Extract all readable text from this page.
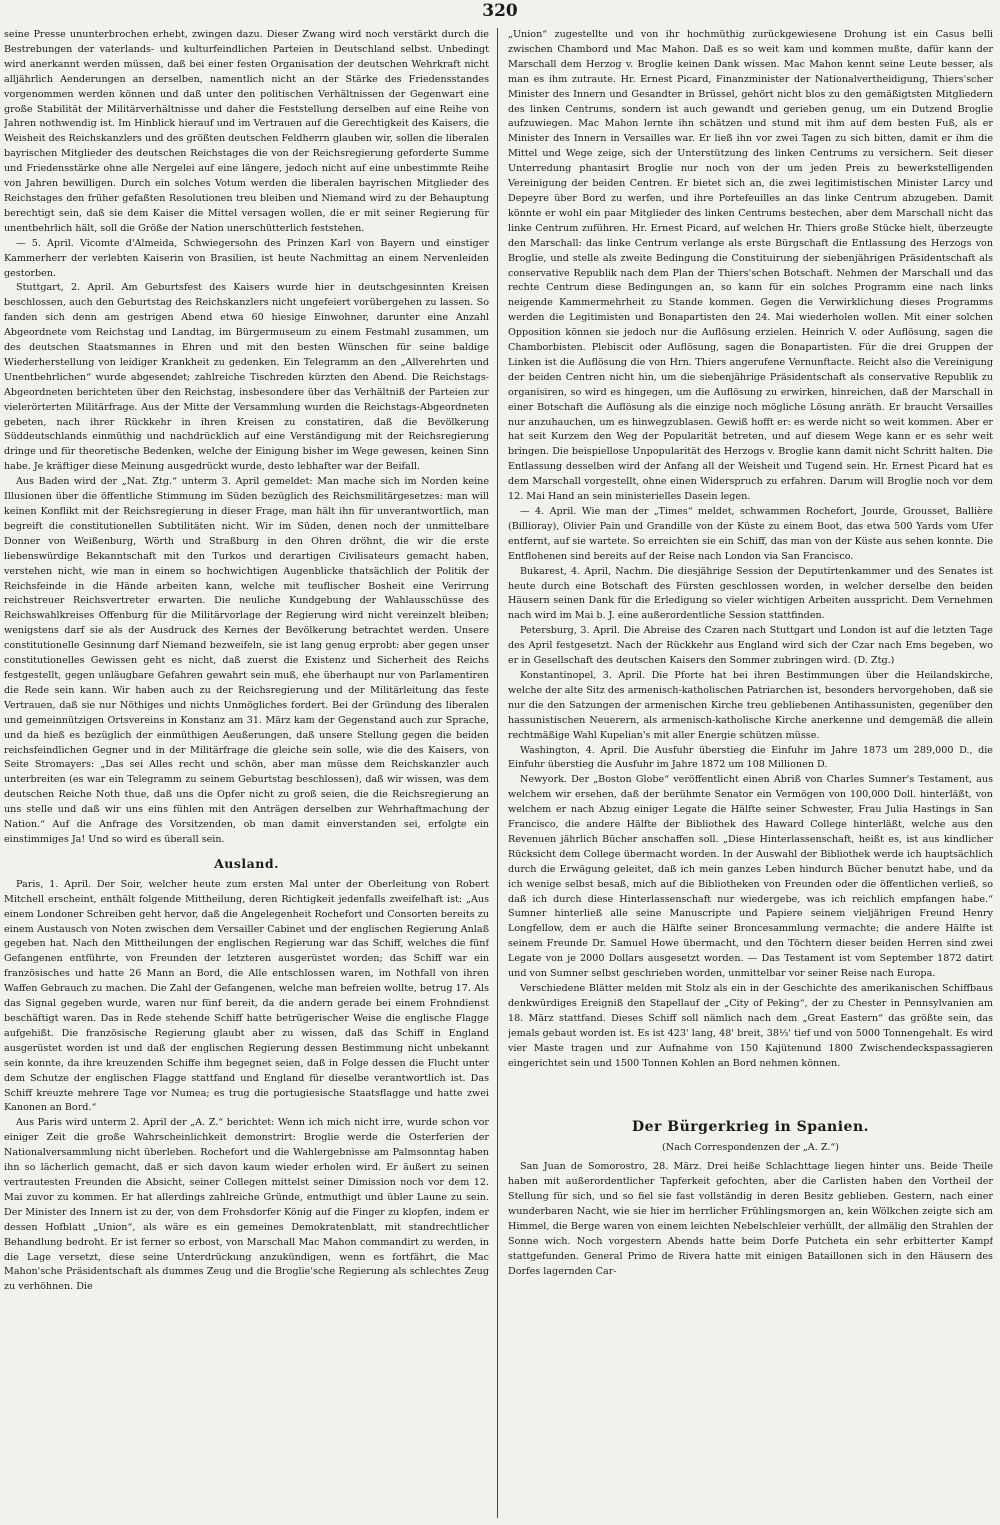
320

seine Presse ununterbrochen erhebt, zwingen dazu. Dieser Zwang wird noch verstärkt durch die Bestrebungen der vaterlands- und kulturfeindlichen Parteien in Deutschland selbst. Unbedingt wird anerkannt werden müssen, daß bei einer festen Organisation der deutschen Wehrkraft nicht alljährlich Aenderungen an derselben, namentlich nicht an der Stärke des Friedensstandes vorgenommen werden können und daß unter den politischen Verhältnissen der Gegenwart eine große Stabilität der Militärverhältnisse und daher die Feststellung derselben auf eine Reihe von Jahren nothwendig ist. Im Hinblick hierauf und im Vertrauen auf die Gerechtigkeit des Kaisers, die Weisheit des Reichskanzlers und des größten deutschen Feldherrn glauben wir, sollen die liberalen bayrischen Mitglieder des deutschen Reichstages die von der Reichsregierung geforderte Summe und Friedensstärke ohne alle Nergelei auf eine längere, jedoch nicht auf eine unbestimmte Reihe von Jahren bewilligen. Durch ein solches Votum werden die liberalen bayrischen Mitglieder des Reichstages den früher gefaßten Resolutionen treu bleiben und Niemand wird zu der Behauptung berechtigt sein, daß sie dem Kaiser die Mittel versagen wollen, die er mit seiner Regierung für unentbehrlich hält, soll die Größe der Nation unerschütterlich feststehen.

— 5. April. Vicomte d'Almeida, Schwiegersohn des Prinzen Karl von Bayern und einstiger Kammerherr der verlebten Kaiserin von Brasilien, ist heute Nachmittag an einem Nervenleiden gestorben.

Stuttgart, 2. April. Am Geburtsfest des Kaisers wurde hier in deutschgesinnten Kreisen beschlossen, auch den Geburtstag des Reichskanzlers nicht ungefeiert vorübergehen zu lassen. So fanden sich denn am gestrigen Abend etwa 60 hiesige Einwohner, darunter eine Anzahl Abgeordnete vom Reichstag und Landtag, im Bürgermuseum zu einem Festmahl zusammen, um des deutschen Staatsmannes in Ehren und mit den besten Wünschen für seine baldige Wiederherstellung von leidiger Krankheit zu gedenken. Ein Telegramm an den „Allverehrten und Unentbehrlichen“ wurde abgesendet; zahlreiche Tischreden kürzten den Abend. Die Reichstags-Abgeordneten berichteten über den Reichstag, insbesondere über das Verhältniß der Parteien zur vielerörterten Militärfrage. Aus der Mitte der Versammlung wurden die Reichstags-Abgeordneten gebeten, nach ihrer Rückkehr in ihren Kreisen zu constatiren, daß die Bevölkerung Süddeutschlands einmüthig und nachdrücklich auf eine Verständigung mit der Reichsregierung dringe und für theoretische Bedenken, welche der Einigung bisher im Wege gewesen, keinen Sinn habe. Je kräftiger diese Meinung ausgedrückt wurde, desto lebhafter war der Beifall.

Aus Baden wird der „Nat. Ztg.“ unterm 3. April gemeldet: Man mache sich im Norden keine Illusionen über die öffentliche Stimmung im Süden bezüglich des Reichsmilitärgesetzes: man will keinen Konflikt mit der Reichsregierung in dieser Frage, man hält ihn für unverantwortlich, man begreift die constitutionellen Subtilitäten nicht. Wir im Süden, denen noch der unmittelbare Donner von Weißenburg, Wörth und Straßburg in den Ohren dröhnt, die wir die erste liebenswürdige Bekanntschaft mit den Turkos und derartigen Civilisateurs gemacht haben, verstehen nicht, wie man in einem so hochwichtigen Augenblicke thatsächlich der Politik der Reichsfeinde in die Hände arbeiten kann, welche mit teuflischer Bosheit eine Verirrung reichstreuer Reichsvertreter erwarten. Die neuliche Kundgebung der Wahlausschüsse des Reichswahlkreises Offenburg für die Militärvorlage der Regierung wird nicht vereinzelt bleiben; wenigstens darf sie als der Ausdruck des Kernes der Bevölkerung betrachtet werden. Unsere constitutionelle Gesinnung darf Niemand bezweifeln, sie ist lang genug erprobt: aber gegen unser constitutionelles Gewissen geht es nicht, daß zuerst die Existenz und Sicherheit des Reichs festgestellt, gegen unläugbare Gefahren gewahrt sein muß, ehe überhaupt nur von Parlamentiren die Rede sein kann. Wir haben auch zu der Reichsregierung und der Militärleitung das feste Vertrauen, daß sie nur Nöthiges und nichts Unmögliches fordert. Bei der Gründung des liberalen und gemeinnützigen Ortsvereins in Konstanz am 31. März kam der Gegenstand auch zur Sprache, und da hieß es bezüglich der einmüthigen Aeußerungen, daß unsere Stellung gegen die beiden reichsfeindlichen Gegner und in der Militärfrage die gleiche sein solle, wie die des Kaisers, von Seite Stromayers: „Das sei Alles recht und schön, aber man müsse dem Reichskanzler auch unterbreiten (es war ein Telegramm zu seinem Geburtstag beschlossen), daß wir wissen, was dem deutschen Reiche Noth thue, daß uns die Opfer nicht zu groß seien, die die Reichsregierung an uns stelle und daß wir uns eins fühlen mit den Anträgen derselben zur Wehrhaftmachung der Nation.“ Auf die Anfrage des Vorsitzenden, ob man damit einverstanden sei, erfolgte ein einstimmiges Ja! Und so wird es überall sein.

Ausland.

Paris, 1. April. Der Soir, welcher heute zum ersten Mal unter der Oberleitung von Robert Mitchell erscheint, enthält folgende Mittheilung, deren Richtigkeit jedenfalls zweifelhaft ist: „Aus einem Londoner Schreiben geht hervor, daß die Angelegenheit Rochefort und Consorten bereits zu einem Austausch von Noten zwischen dem Versailler Cabinet und der englischen Regierung Anlaß gegeben hat. Nach den Mittheilungen der englischen Regierung war das Schiff, welches die fünf Gefangenen entführte, von Freunden der letzteren ausgerüstet worden; das Schiff war ein französisches und hatte 26 Mann an Bord, die Alle entschlossen waren, im Nothfall von ihren Waffen Gebrauch zu machen. Die Zahl der Gefangenen, welche man befreien wollte, betrug 17. Als das Signal gegeben wurde, waren nur fünf bereit, da die andern gerade bei einem Frohndienst beschäftigt waren. Das in Rede stehende Schiff hatte betrügerischer Weise die englische Flagge aufgehißt. Die französische Regierung glaubt aber zu wissen, daß das Schiff in England ausgerüstet worden ist und daß der englischen Regierung dessen Bestimmung nicht unbekannt sein konnte, da ihre kreuzenden Schiffe ihm begegnet seien, daß in Folge dessen die Flucht unter dem Schutze der englischen Flagge stattfand und England für dieselbe verantwortlich ist. Das Schiff kreuzte mehrere Tage vor Numea; es trug die portugiesische Staatsflagge und hatte zwei Kanonen an Bord.“

Aus Paris wird unterm 2. April der „A. Z.“ berichtet: Wenn ich mich nicht irre, wurde schon vor einiger Zeit die große Wahrscheinlichkeit demonstrirt: Broglie werde die Osterferien der Nationalversammlung nicht überleben. Rochefort und die Wahlergebnisse am Palmsonntag haben ihn so lächerlich gemacht, daß er sich davon kaum wieder erholen wird. Er äußert zu seinen vertrautesten Freunden die Absicht, seiner Collegen mittelst seiner Dimission noch vor dem 12. Mai zuvor zu kommen. Er hat allerdings zahlreiche Gründe, entmuthigt und übler Laune zu sein. Der Minister des Innern ist zu der, von dem Frohsdorfer König auf die Finger zu klopfen, indem er dessen Hofblatt „Union“, als wäre es ein gemeines Demokratenblatt, mit standrechtlicher Behandlung bedroht. Er ist ferner so erbost, von Marschall Mac Mahon commandirt zu werden, in die Lage versetzt, diese seine Unterdrückung anzukündigen, wenn es fortfährt, die Mac Mahon'sche Präsidentschaft als dummes Zeug und die Broglie'sche Regierung als schlechtes Zeug zu verhöhnen. Die

„Union“ zugestellte und von ihr hochmüthig zurückgewiesene Drohung ist ein Casus belli zwischen Chambord und Mac Mahon. Daß es so weit kam und kommen mußte, dafür kann der Marschall dem Herzog v. Broglie keinen Dank wissen. Mac Mahon kennt seine Leute besser, als man es ihm zutraute. Hr. Ernest Picard, Finanzminister der Nationalvertheidigung, Thiers'scher Minister des Innern und Gesandter in Brüssel, gehört nicht blos zu den gemäßigtsten Mitgliedern des linken Centrums, sondern ist auch gewandt und gerieben genug, um ein Dutzend Broglie aufzuwiegen. Mac Mahon lernte ihn schätzen und stund mit ihm auf dem besten Fuß, als er Minister des Innern in Versailles war. Er ließ ihn vor zwei Tagen zu sich bitten, damit er ihm die Mittel und Wege zeige, sich der Unterstützung des linken Centrums zu versichern. Seit dieser Unterredung phantasirt Broglie nur noch von der um jeden Preis zu bewerkstelligenden Vereinigung der beiden Centren. Er bietet sich an, die zwei legitimistischen Minister Larcy und Depeyre über Bord zu werfen, und ihre Portefeuilles an das linke Centrum abzugeben. Damit könnte er wohl ein paar Mitglieder des linken Centrums bestechen, aber dem Marschall nicht das linke Centrum zuführen. Hr. Ernest Picard, auf welchen Hr. Thiers große Stücke hielt, überzeugte den Marschall: das linke Centrum verlange als erste Bürgschaft die Entlassung des Herzogs von Broglie, und stelle als zweite Bedingung die Constituirung der siebenjährigen Präsidentschaft als conservative Republik nach dem Plan der Thiers'schen Botschaft. Nehmen der Marschall und das rechte Centrum diese Bedingungen an, so kann für ein solches Programm eine nach links neigende Kammermehrheit zu Stande kommen. Gegen die Verwirklichung dieses Programms werden die Legitimisten und Bonapartisten den 24. Mai wiederholen wollen. Mit einer solchen Opposition können sie jedoch nur die Auflösung erzielen. Heinrich V. oder Auflösung, sagen die Chamborbisten. Plebiscit oder Auflösung, sagen die Bonapartisten. Für die drei Gruppen der Linken ist die Auflösung die von Hrn. Thiers angerufene Vernunftacte. Reicht also die Vereinigung der beiden Centren nicht hin, um die siebenjährige Präsidentschaft als conservative Republik zu organisiren, so wird es hingegen, um die Auflösung zu erwirken, hinreichen, daß der Marschall in einer Botschaft die Auflösung als die einzige noch mögliche Lösung anräth. Er braucht Versailles nur anzuhauchen, um es hinwegzublasen. Gewiß hofft er: es werde nicht so weit kommen. Aber er hat seit Kurzem den Weg der Popularität betreten, und auf diesem Wege kann er es sehr weit bringen. Die beispiellose Unpopularität des Herzogs v. Broglie kann damit nicht Schritt halten. Die Entlassung desselben wird der Anfang all der Weisheit und Tugend sein. Hr. Ernest Picard hat es dem Marschall vorgestellt, ohne einen Widerspruch zu erfahren. Darum will Broglie noch vor dem 12. Mai Hand an sein ministerielles Dasein legen.

— 4. April. Wie man der „Times“ meldet, schwammen Rochefort, Jourde, Grousset, Ballière (Billioray), Olivier Pain und Grandille von der Küste zu einem Boot, das etwa 500 Yards vom Ufer entfernt, auf sie wartete. So erreichten sie ein Schiff, das man von der Küste aus sehen konnte. Die Entflohenen sind bereits auf der Reise nach London via San Francisco.

Bukarest, 4. April, Nachm. Die diesjährige Session der Deputirtenkammer und des Senates ist heute durch eine Botschaft des Fürsten geschlossen worden, in welcher derselbe den beiden Häusern seinen Dank für die Erledigung so vieler wichtigen Arbeiten ausspricht. Dem Vernehmen nach wird im Mai b. J. eine außerordentliche Session stattfinden.

Petersburg, 3. April. Die Abreise des Czaren nach Stuttgart und London ist auf die letzten Tage des April festgesetzt. Nach der Rückkehr aus England wird sich der Czar nach Ems begeben, wo er in Gesellschaft des deutschen Kaisers den Sommer zubringen wird. (D. Ztg.)

Konstantinopel, 3. April. Die Pforte hat bei ihren Bestimmungen über die Heilandskirche, welche der alte Sitz des armenisch-katholischen Patriarchen ist, besonders hervorgehoben, daß sie nur die den Satzungen der armenischen Kirche treu gebliebenen Antihassunisten, gegenüber den hassunistischen Neuerern, als armenisch-katholische Kirche anerkenne und demgemäß die allein rechtmäßige Wahl Kupelian's mit aller Energie schützen müsse.

Washington, 4. April. Die Ausfuhr überstieg die Einfuhr im Jahre 1873 um 289,000 D., die Einfuhr überstieg die Ausfuhr im Jahre 1872 um 108 Millionen D.

Newyork. Der „Boston Globe“ veröffentlicht einen Abriß von Charles Sumner's Testament, aus welchem wir ersehen, daß der berühmte Senator ein Vermögen von 100,000 Doll. hinterläßt, von welchem er nach Abzug einiger Legate die Hälfte seiner Schwester, Frau Julia Hastings in San Francisco, die andere Hälfte der Bibliothek des Haward College hinterläßt, welche aus den Revenuen jährlich Bücher anschaffen soll. „Diese Hinterlassenschaft, heißt es, ist aus kindlicher Rücksicht dem College übermacht worden. In der Auswahl der Bibliothek werde ich hauptsächlich durch die Erwägung geleitet, daß ich mein ganzes Leben hindurch Bücher benutzt habe, und da ich wenige selbst besaß, mich auf die Bibliotheken von Freunden oder die öffentlichen verließ, so daß ich durch diese Hinterlassenschaft nur wiedergebe, was ich reichlich empfangen habe.“ Sumner hinterließ alle seine Manuscripte und Papiere seinem vieljährigen Freund Henry Longfellow, dem er auch die Hälfte seiner Broncesammlung vermachte; die andere Hälfte ist seinem Freunde Dr. Samuel Howe übermacht, und den Töchtern dieser beiden Herren sind zwei Legate von je 2000 Dollars ausgesetzt worden. — Das Testament ist vom September 1872 datirt und von Sumner selbst geschrieben worden, unmittelbar vor seiner Reise nach Europa.

Verschiedene Blätter melden mit Stolz als ein in der Geschichte des amerikanischen Schiffbaus denkwürdiges Ereigniß den Stapellauf der „City of Peking“, der zu Chester in Pennsylvanien am 18. März stattfand. Dieses Schiff soll nämlich nach dem „Great Eastern“ das größte sein, das jemals gebaut worden ist. Es ist 423' lang, 48' breit, 38⅓' tief und von 5000 Tonnengehalt. Es wird vier Maste tragen und zur Aufnahme von 150 Kajütenund 1800 Zwischendeckspassagieren eingerichtet sein und 1500 Tonnen Kohlen an Bord nehmen können.

Der Bürgerkrieg in Spanien.
(Nach Correspondenzen der „A. Z.“)

San Juan de Somorostro, 28. März. Drei heiße Schlachttage liegen hinter uns. Beide Theile haben mit außerordentlicher Tapferkeit gefochten, aber die Carlisten haben den Vortheil der Stellung für sich, und so fiel sie fast vollständig in deren Besitz geblieben. Gestern, nach einer wunderbaren Nacht, wie sie hier im herrlicher Frühlingsmorgen an, kein Wölkchen zeigte sich am Himmel, die Berge waren von einem leichten Nebelschleier verhüllt, der allmälig den Strahlen der Sonne wich. Noch vorgestern Abends hatte beim Dorfe Putcheta ein sehr erbitterter Kampf stattgefunden. General Primo de Rivera hatte mit einigen Bataillonen sich in den Häusern des Dorfes lagernden Car-
